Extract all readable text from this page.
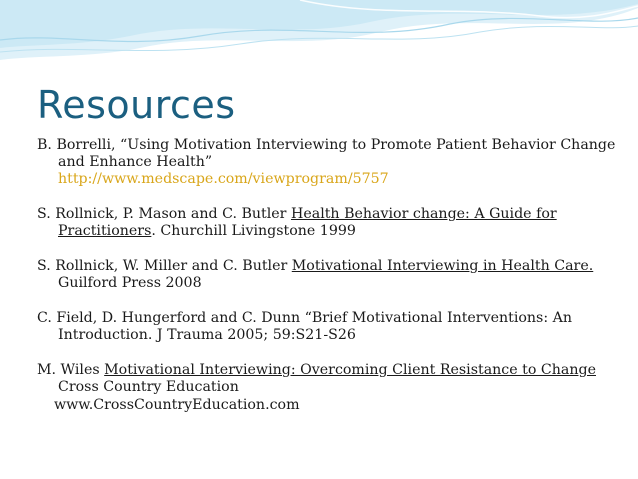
Resources

B. Borrelli, “Using Motivation Interviewing to Promote Patient Behavior Change and Enhance Health”
http://www.medscape.com/viewprogram/5757

S. Rollnick, P. Mason and C. Butler Health Behavior change: A Guide for Practitioners. Churchill Livingstone 1999

S. Rollnick, W. Miller and C. Butler Motivational Interviewing in Health Care. Guilford Press 2008

C. Field, D. Hungerford and C. Dunn “Brief Motivational Interventions: An Introduction. J Trauma 2005; 59:S21-S26

M. Wiles Motivational Interviewing: Overcoming Client Resistance to Change Cross Country Education
www.CrossCountryEducation.com
